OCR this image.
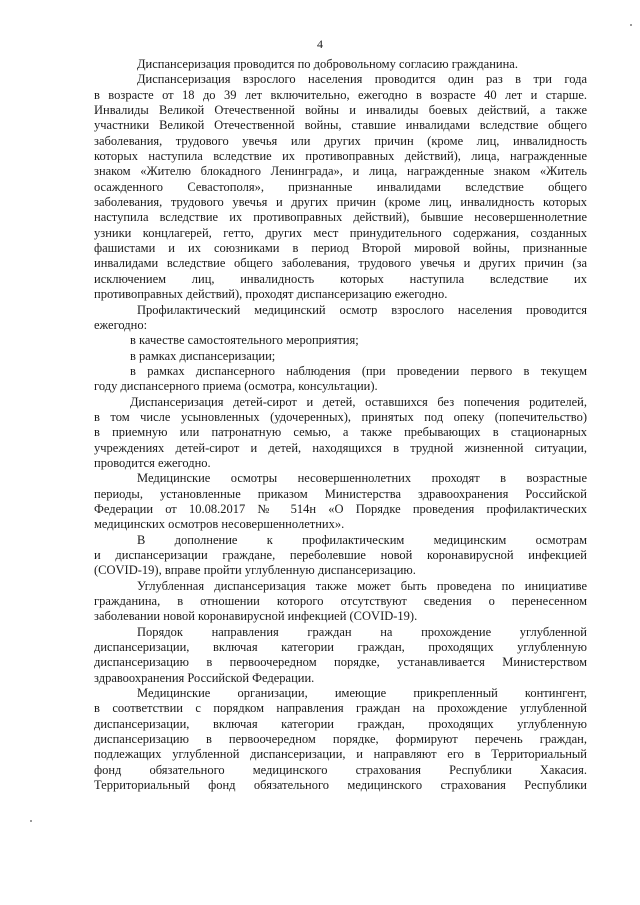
4
Диспансеризация проводится по добровольному согласию гражданина.
Диспансеризация взрослого населения проводится один раз в три года
в возрасте от 18 до 39 лет включительно, ежегодно в возрасте 40 лет и старше.
Инвалиды Великой Отечественной войны и инвалиды боевых действий, а также
участники Великой Отечественной войны, ставшие инвалидами вследствие общего
заболевания, трудового увечья или других причин (кроме лиц, инвалидность
которых наступила вследствие их противоправных действий), лица, награжденные
знаком «Жителю блокадного Ленинграда», и лица, награжденные знаком «Житель
осажденного Севастополя», признанные инвалидами вследствие общего
заболевания, трудового увечья и других причин (кроме лиц, инвалидность которых
наступила вследствие их противоправных действий), бывшие несовершеннолетние
узники концлагерей, гетто, других мест принудительного содержания, созданных
фашистами и их союзниками в период Второй мировой войны, признанные
инвалидами вследствие общего заболевания, трудового увечья и других причин (за
исключением лиц, инвалидность которых наступила вследствие их
противоправных действий), проходят диспансеризацию ежегодно.
Профилактический медицинский осмотр взрослого населения проводится
ежегодно:
в качестве самостоятельного мероприятия;
в рамках диспансеризации;
в рамках диспансерного наблюдения (при проведении первого в текущем
году диспансерного приема (осмотра, консультации).
Диспансеризация детей-сирот и детей, оставшихся без попечения родителей,
в том числе усыновленных (удочеренных), принятых под опеку (попечительство)
в приемную или патронатную семью, а также пребывающих в стационарных
учреждениях детей-сирот и детей, находящихся в трудной жизненной ситуации,
проводится ежегодно.
Медицинские осмотры несовершеннолетних проходят в возрастные
периоды, установленные приказом Министерства здравоохранения Российской
Федерации от 10.08.2017 № 514н «О Порядке проведения профилактических
медицинских осмотров несовершеннолетних».
В дополнение к профилактическим медицинским осмотрам
и диспансеризации граждане, переболевшие новой коронавирусной инфекцией
(COVID-19), вправе пройти углубленную диспансеризацию.
Углубленная диспансеризация также может быть проведена по инициативе
гражданина, в отношении которого отсутствуют сведения о перенесенном
заболевании новой коронавирусной инфекцией (COVID-19).
Порядок направления граждан на прохождение углубленной
диспансеризации, включая категории граждан, проходящих углубленную
диспансеризацию в первоочередном порядке, устанавливается Министерством
здравоохранения Российской Федерации.
Медицинские организации, имеющие прикрепленный контингент,
в соответствии с порядком направления граждан на прохождение углубленной
диспансеризации, включая категории граждан, проходящих углубленную
диспансеризацию в первоочередном порядке, формируют перечень граждан,
подлежащих углубленной диспансеризации, и направляют его в Территориальный
фонд обязательного медицинского страхования Республики Хакасия.
Территориальный фонд обязательного медицинского страхования Республики
